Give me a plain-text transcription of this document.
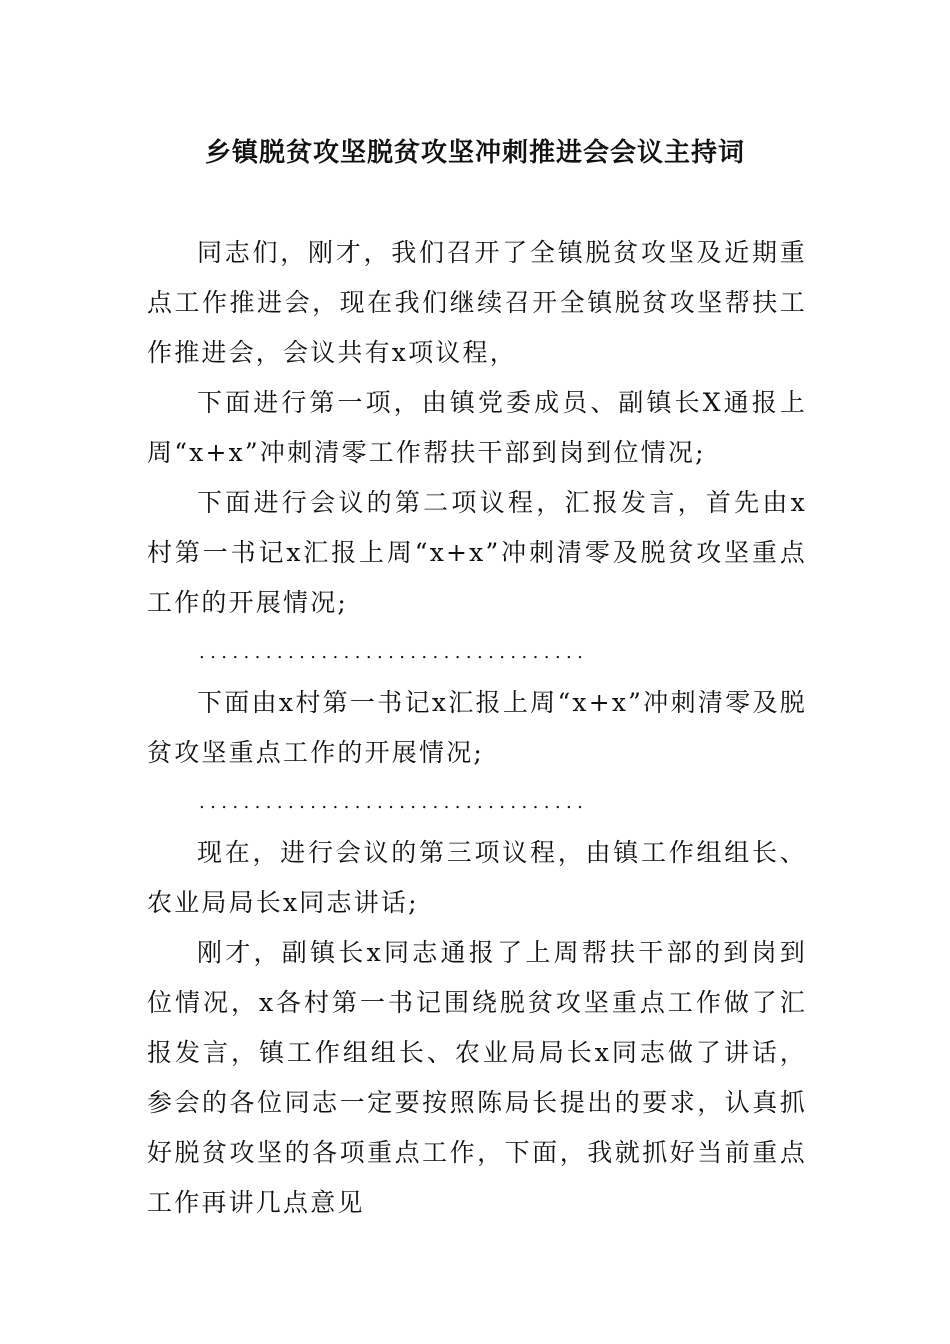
乡镇脱贫攻坚脱贫攻坚冲刺推进会会议主持词

同志们，刚才，我们召开了全镇脱贫攻坚及近期重点工作推进会，现在我们继续召开全镇脱贫攻坚帮扶工作推进会，会议共有x项议程，

下面进行第一项，由镇党委成员、副镇长X通报上周“x+x”冲刺清零工作帮扶干部到岗到位情况;

下面进行会议的第二项议程，汇报发言，首先由x村第一书记x汇报上周“x+x”冲刺清零及脱贫攻坚重点工作的开展情况;

...................................

下面由x村第一书记x汇报上周“x+x”冲刺清零及脱贫攻坚重点工作的开展情况;

...................................

现在，进行会议的第三项议程，由镇工作组组长、农业局局长x同志讲话;

刚才，副镇长x同志通报了上周帮扶干部的到岗到位情况，x各村第一书记围绕脱贫攻坚重点工作做了汇报发言，镇工作组组长、农业局局长x同志做了讲话，参会的各位同志一定要按照陈局长提出的要求，认真抓好脱贫攻坚的各项重点工作，下面，我就抓好当前重点工作再讲几点意见
